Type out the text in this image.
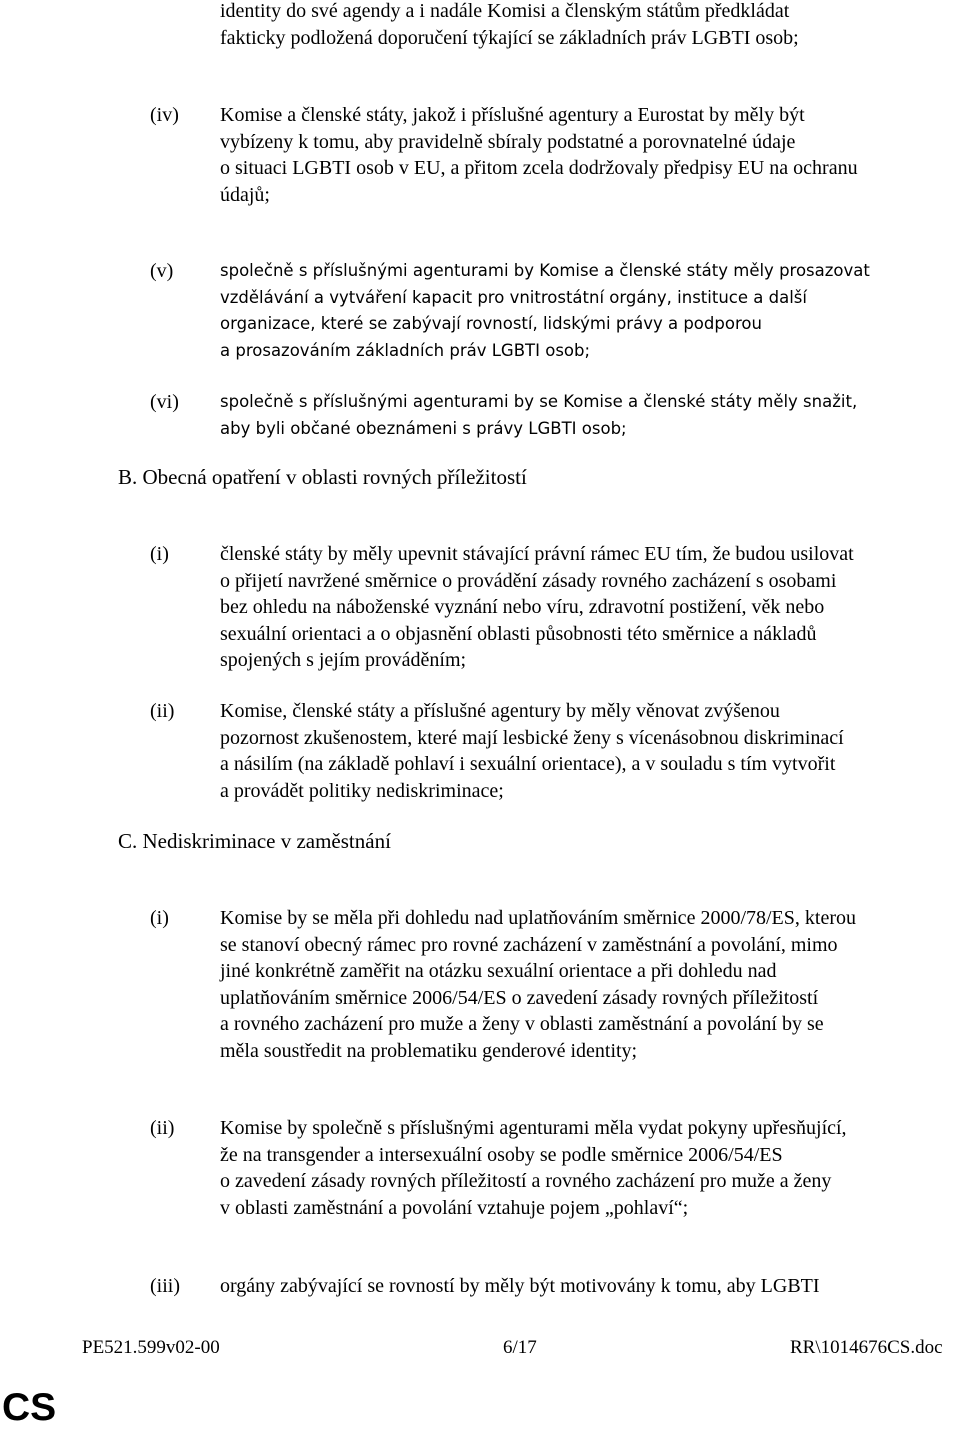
identity do své agendy a i nadále Komisi a členským státům předkládat
fakticky podložená doporučení týkající se základních práv LGBTI osob;

(iv) Komise a členské státy, jakož i příslušné agentury a Eurostat by měly být
vybízeny k tomu, aby pravidelně sbíraly podstatné a porovnatelné údaje
o situaci LGBTI osob v EU, a přitom zcela dodržovaly předpisy EU na ochranu
údajů;

(v)	společně s příslušnými agenturami by Komise a členské státy měly prosazovat
vzdělávání a vytváření kapacit pro vnitrostátní orgány, instituce a další
organizace, které se zabývají rovností, lidskými právy a podporou
a prosazováním základních práv LGBTI osob;

(vi) společně s příslušnými agenturami by se Komise a členské státy měly snažit,
aby byli občané obeznámeni s právy LGBTI osob;

B. Obecná opatření v oblasti rovných příležitostí

(i)	členské státy by měly upevnit stávající právní rámec EU tím, že budou usilovat
o přijetí navržené směrnice o provádění zásady rovného zacházení s osobami
bez ohledu na náboženské vyznání nebo víru, zdravotní postižení, věk nebo
sexuální orientaci a o objasnění oblasti působnosti této směrnice a nákladů
spojených s jejím prováděním;

(ii) Komise, členské státy a příslušné agentury by měly věnovat zvýšenou
pozornost zkušenostem, které mají lesbické ženy s vícenásobnou diskriminací
a násilím (na základě pohlaví i sexuální orientace), a v souladu s tím vytvořit
a provádět politiky nediskriminace;

C. Nediskriminace v zaměstnání

(i)	Komise by se měla při dohledu nad uplatňováním směrnice 2000/78/ES, kterou
se stanoví obecný rámec pro rovné zacházení v zaměstnání a povolání, mimo
jiné konkrétně zaměřit na otázku sexuální orientace a při dohledu nad
uplatňováním směrnice 2006/54/ES o zavedení zásady rovných příležitostí
a rovného zacházení pro muže a ženy v oblasti zaměstnání a povolání by se
měla soustředit na problematiku genderové identity;

(ii) Komise by společně s příslušnými agenturami měla vydat pokyny upřesňující,
že na transgender a intersexuální osoby se podle směrnice 2006/54/ES
o zavedení zásady rovných příležitostí a rovného zacházení pro muže a ženy
v oblasti zaměstnání a povolání vztahuje pojem „pohlaví“;

(iii) orgány zabývající se rovností by měly být motivovány k tomu, aby LGBTI

PE521.599v02-00	6/17	RR\1014676CS.doc

CS
